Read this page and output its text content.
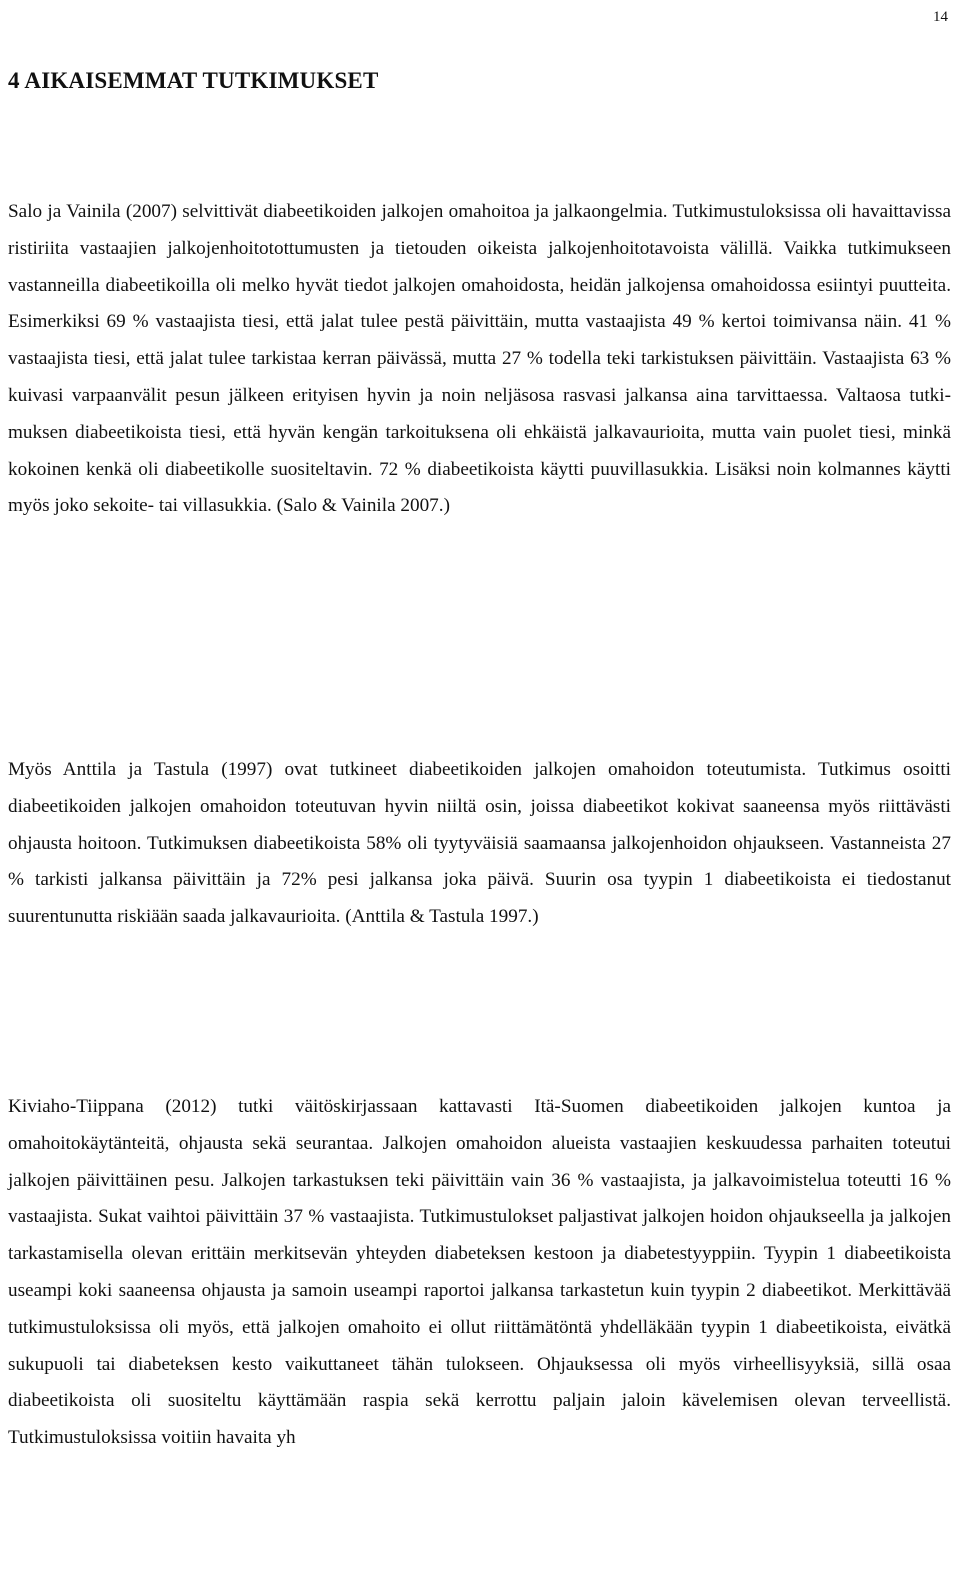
14
4 AIKAISEMMAT TUTKIMUKSET

Salo ja Vainila (2007) selvittivät diabeetikoiden jalkojen omahoitoa ja jalkaongelmia. Tutkimustuloksissa oli havaittavissa ristiriita vastaajien jalkojenhoitotottumusten ja tietouden oikeista jalkojenhoitotavoista välillä. Vaikka tutkimukseen vastanneilla diabeetikoilla oli melko hyvät tiedot jalkojen omahoidosta, heidän jalkojensa omahoidossa esiintyi puutteita. Esimerkiksi 69 % vastaajista tiesi, että jalat tulee pestä päivittäin, mutta vastaajista 49 % kertoi toimivansa näin. 41 % vastaajista tiesi, että jalat tulee tarkistaa kerran päivässä, mutta 27 % todella teki tarkistuksen päivittäin. Vastaajista 63 % kuivasi varpaanvälit pesun jälkeen erityisen hyvin ja noin neljäsosa rasvasi jalkansa aina tarvittaessa. Valtaosa tutkimuksen diabeetikoista tiesi, että hyvän kengän tarkoituksena oli ehkäistä jalkavaurioita, mutta vain puolet tiesi, minkä kokoinen kenkä oli diabeetikolle suositeltavin. 72 % diabeetikoista käytti puuvillasukkia. Lisäksi noin kolmannes käytti myös joko sekoite- tai villasukkia. (Salo & Vainila 2007.)

Myös Anttila ja Tastula (1997) ovat tutkineet diabeetikoiden jalkojen omahoidon toteutumista. Tutkimus osoitti diabeetikoiden jalkojen omahoidon toteutuvan hyvin niiltä osin, joissa diabeetikot kokivat saaneensa myös riittävästi ohjausta hoitoon. Tutkimuksen diabeetikoista 58% oli tyytyväisiä saamaansa jalkojenhoidon ohjaukseen. Vastanneista 27 % tarkisti jalkansa päivittäin ja 72% pesi jalkansa joka päivä. Suurin osa tyypin 1 diabeetikoista ei tiedostanut suurentunutta riskiään saada jalkavaurioita. (Anttila & Tastula 1997.)

Kiviaho-Tiippana (2012) tutki väitöskirjassaan kattavasti Itä-Suomen diabeetikoiden jalkojen kuntoa ja omahoitokäytänteitä, ohjausta sekä seurantaa. Jalkojen omahoidon alueista vastaajien keskuudessa parhaiten toteutui jalkojen päivittäinen pesu. Jalkojen tarkastuksen teki päivittäin vain 36 % vastaajista, ja jalkavoimistelua toteutti 16 % vastaajista. Sukat vaihtoi päivittäin 37 % vastaajista. Tutkimustulokset paljastivat jalkojen hoidon ohjaukseella ja jalkojen tarkastamisella olevan erittäin merkitsevän yhteyden diabeteksen kestoon ja diabetestyyppiin. Tyypin 1 diabeetikoista useampi koki saaneensa ohjausta ja samoin useampi raportoi jalkansa tarkastetun kuin tyypin 2 diabeetikot. Merkittävää tutkimustuloksissa oli myös, että jalkojen omahoito ei ollut riittämätöntä yhdelläkään tyypin 1 diabeetikoista, eivätkä sukupuoli tai diabeteksen kesto vaikuttaneet tähän tulokseen. Ohjauksessa oli myös virheellisyyksiä, sillä osaa diabeetikoista oli suositeltu käyttämään raspia sekä kerrottu paljain jaloin kävelemisen olevan terveellistä. Tutkimustuloksissa voitiin havaita yh
